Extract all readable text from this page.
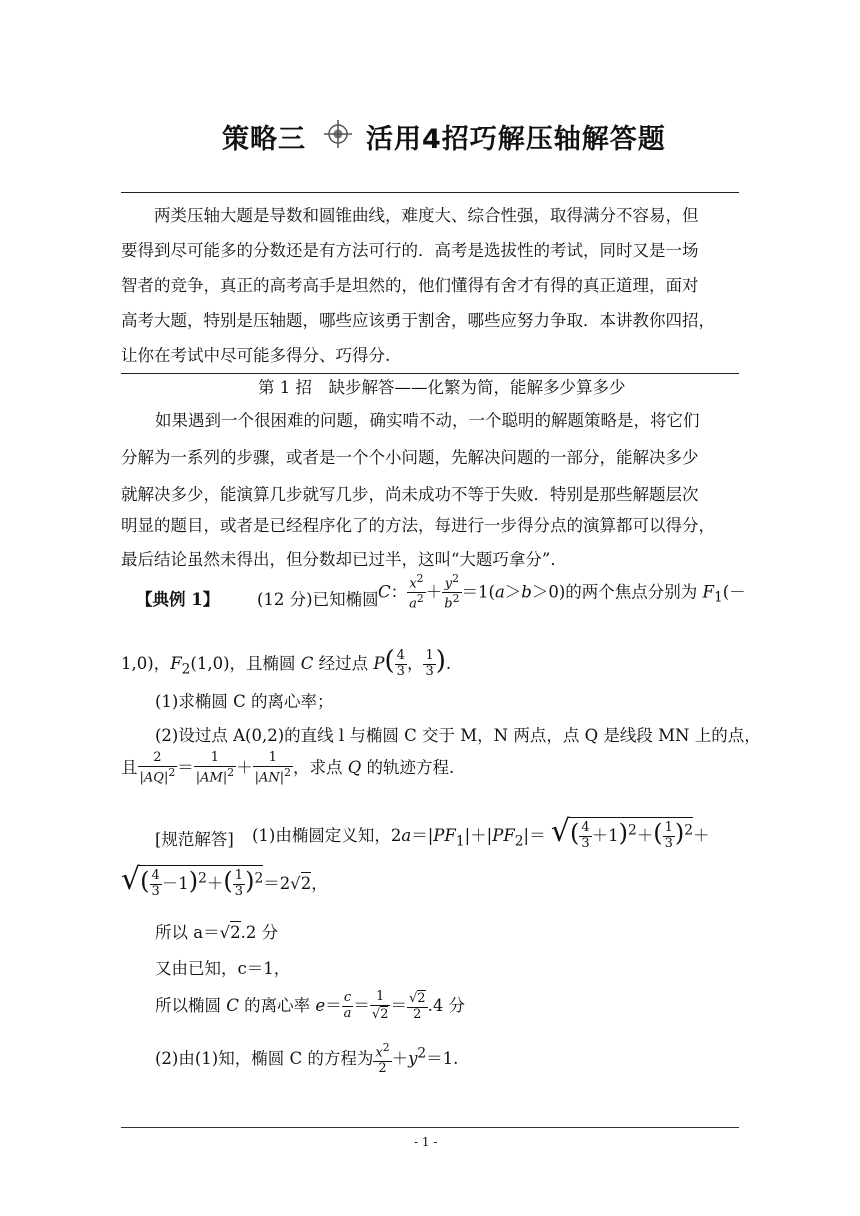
策略三 活用4招巧解压轴解答题

两类压轴大题是导数和圆锥曲线，难度大、综合性强，取得满分不容易，但

要得到尽可能多的分数还是有方法可行的．高考是选拔性的考试，同时又是一场

智者的竞争，真正的高考高手是坦然的，他们懂得有舍才有得的真正道理，面对

高考大题，特别是压轴题，哪些应该勇于割舍，哪些应努力争取．本讲教你四招，

让你在考试中尽可能多得分、巧得分.

第 1 招　缺步解答——化繁为简，能解多少算多少
如果遇到一个很困难的问题，确实啃不动，一个聪明的解题策略是，将它们
分解为一系列的步骤，或者是一个个小问题，先解决问题的一部分，能解决多少
就解决多少，能演算几步就写几步，尚未成功不等于失败．特别是那些解题层次
明显的题目，或者是已经程序化了的方法，每进行一步得分点的演算都可以得分，
最后结论虽然未得出，但分数却已过半，这叫“大题巧拿分”．
【典例 1】 (12 分)已知椭圆 C： $\frac{x^2}{a^2} + \frac{y^2}{b^2} =1(a>b>0)$的两个焦点分别为 $F_1(-$
1,0)，$F_2(1,0)$，且椭圆 C 经过点 $P( \frac{4}{3}$ ， $\frac{1}{3}$ ).
(1)求椭圆 C 的离心率；
(2)设过点 A(0,2)的直线 l 与椭圆 C 交于 M，N 两点，点 Q 是线段 MN 上的点，
且 $\frac{2}{|AQ|^2} = \frac{1}{|AM|^2} + \frac{1}{|AN|^2}$ ，求点 Q 的轨迹方程.
[规范解答] (1)由椭圆定义知，$2a=|PF_1|+|PF_2|=$ √( $\frac{4}{3} +1)^2+( \frac{1}{3} )^2+$
√( $\frac{4}{3} -1)^2+( \frac{1}{3} )^2=2√2$，
所以 a＝√2.2 分
又由已知，c＝1，
所以椭圆 C 的离心率 $e= \frac{c}{a} = \frac{1}{√2} = \frac{√2}{2} .4$ 分
(2)由(1)知，椭圆 C 的方程为 $\frac{x^2}{2} +y^2=1$.
- 1 -
